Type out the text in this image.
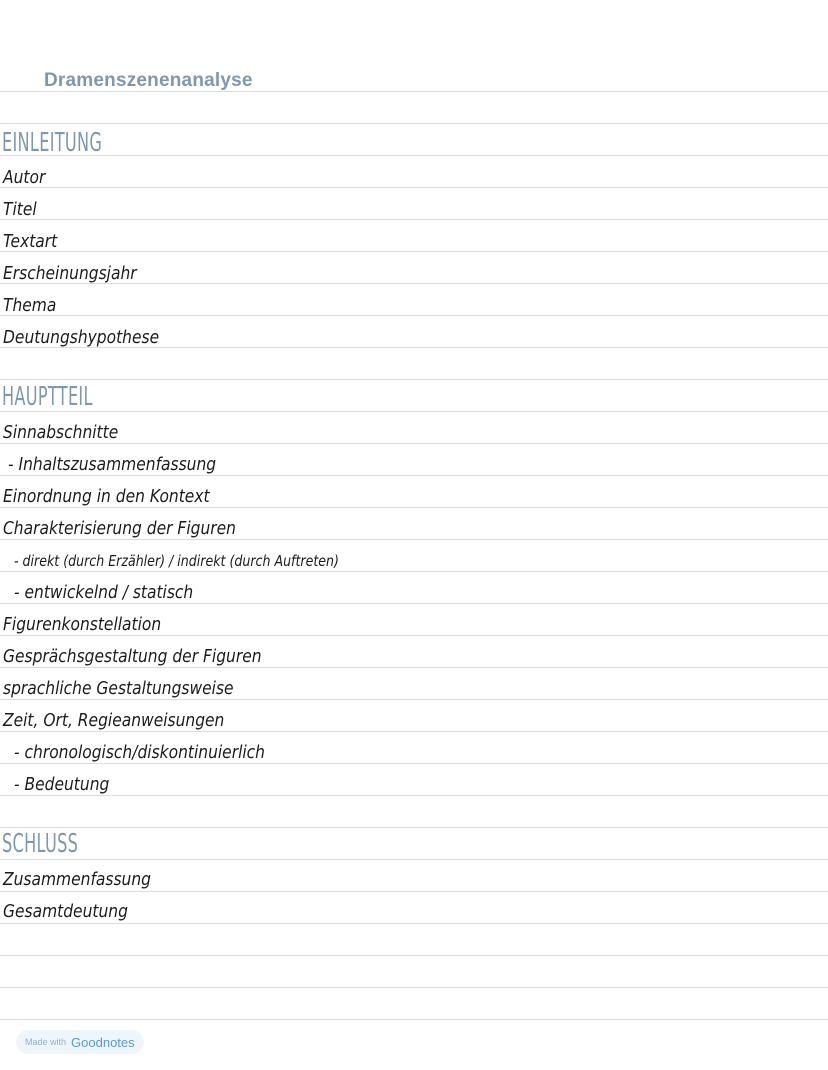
Dramenszenenanalyse
EINLEITUNG
Autor
Titel
Textart
Erscheinungsjahr
Thema
Deutungshypothese
HAUPTTEIL
Sinnabschnitte
- Inhaltszusammenfassung
Einordnung in den Kontext
Charakterisierung der Figuren
- direkt (durch Erzähler) / indirekt (durch Auftreten)
- entwickelnd / statisch
Figurenkonstellation
Gesprächsgestaltung der Figuren
sprachliche Gestaltungsweise
Zeit, Ort, Regieanweisungen
- chronologisch/diskontinuierlich
- Bedeutung
SCHLUSS
Zusammenfassung
Gesamtdeutung
Made with Goodnotes
